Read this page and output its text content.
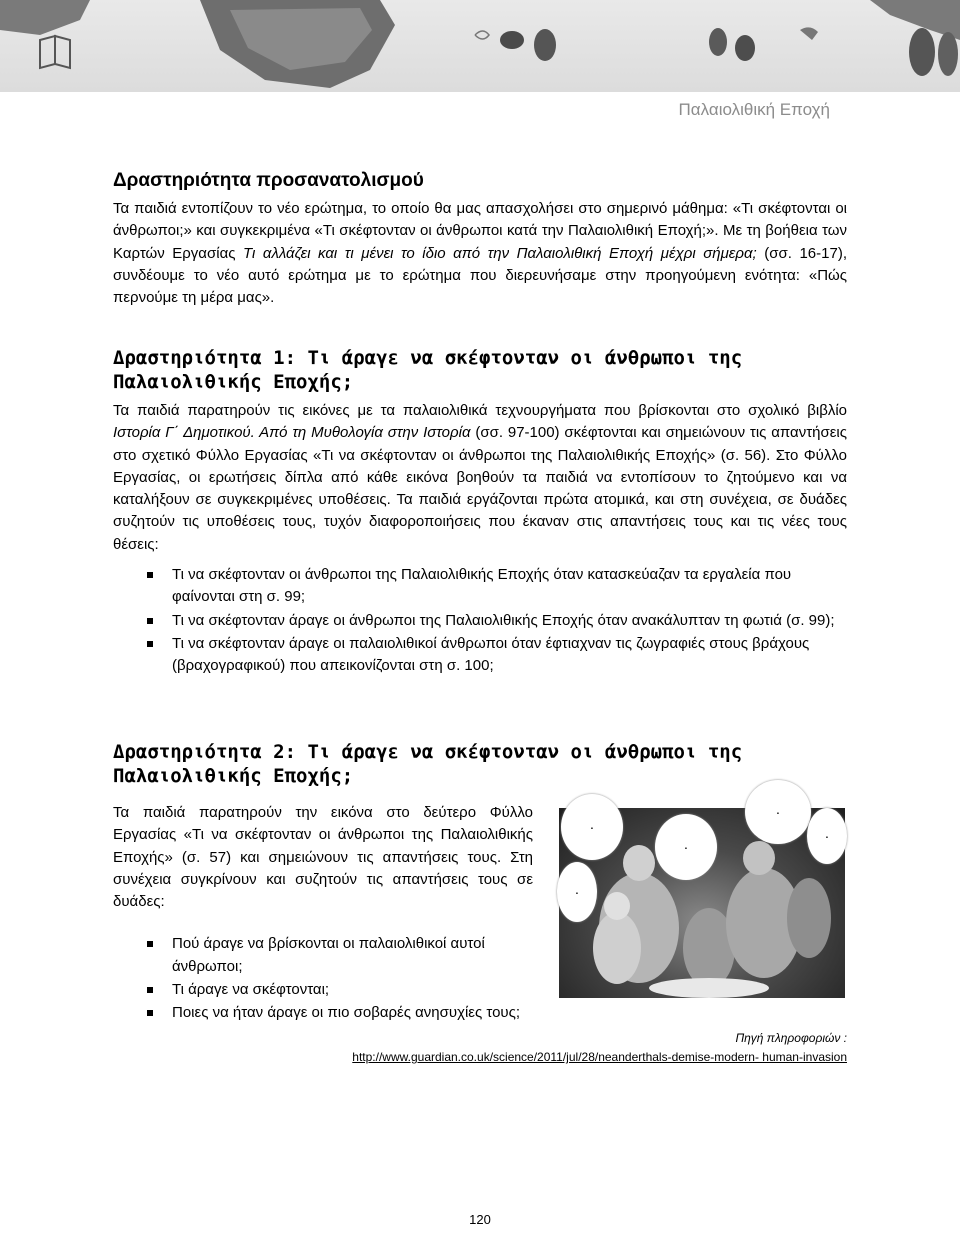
Παλαιολιθική Εποχή
Δραστηριότητα προσανατολισμού

Τα παιδιά εντοπίζουν το νέο ερώτημα, το οποίο θα μας απασχολήσει στο σημερινό μάθημα: «Τι σκέφτονται οι άνθρωποι;» και συγκεκριμένα «Τι σκέφτονταν οι άνθρωποι κατά την Παλαιολιθική Εποχή;». Με τη βοήθεια των Καρτών Εργασίας Τι αλλάζει και τι μένει το ίδιο από την Παλαιολιθική Εποχή μέχρι σήμερα; (σσ. 16-17), συνδέουμε το νέο αυτό ερώτημα με το ερώτημα που διερευνήσαμε στην προηγούμενη ενότητα: «Πώς περνούμε τη μέρα μας».

Δραστηριότητα 1: Τι άραγε να σκέφτονταν οι άνθρωποι της Παλαιολιθικής Εποχής;

Τα παιδιά παρατηρούν τις εικόνες με τα παλαιολιθικά τεχνουργήματα που βρίσκονται στο σχολικό βιβλίο Ιστορία Γ΄ Δημοτικού. Από τη Μυθολογία στην Ιστορία (σσ. 97-100) σκέφτονται και σημειώνουν τις απαντήσεις στο σχετικό Φύλλο Εργασίας «Τι να σκέφτονταν οι άνθρωποι της Παλαιολιθικής Εποχής» (σ. 56). Στο Φύλλο Εργασίας, οι ερωτήσεις δίπλα από κάθε εικόνα βοηθούν τα παιδιά να εντοπίσουν το ζητούμενο και να καταλήξουν σε συγκεκριμένες υποθέσεις. Τα παιδιά εργάζονται πρώτα ατομικά, και στη συνέχεια, σε δυάδες συζητούν τις υποθέσεις τους, τυχόν διαφοροποιήσεις που έκαναν στις απαντήσεις τους και τις νέες τους θέσεις:

Τι να σκέφτονταν οι άνθρωποι της Παλαιολιθικής Εποχής όταν κατασκεύαζαν τα εργαλεία που φαίνονται στη σ. 99;
Τι να σκέφτονταν άραγε οι άνθρωποι της Παλαιολιθικής Εποχής όταν ανακάλυπταν τη φωτιά (σ. 99);
Τι να σκέφτονταν άραγε οι παλαιολιθικοί άνθρωποι όταν έφτιαχναν τις ζωγραφιές στους βράχους (βραχογραφικού) που απεικονίζονται στη σ. 100;
Δραστηριότητα 2: Τι άραγε να σκέφτονταν οι άνθρωποι της Παλαιολιθικής Εποχής;

Τα παιδιά παρατηρούν την εικόνα στο δεύτερο Φύλλο Εργασίας «Τι να σκέφτονταν οι άνθρωποι της Παλαιολιθικής Εποχής» (σ. 57) και σημειώνουν τις απαντήσεις τους. Στη συνέχεια συγκρίνουν και συζητούν τις απαντήσεις τους σε δυάδες:

Πού άραγε να βρίσκονται οι παλαιολιθικοί αυτοί άνθρωποι;
Τι άραγε να σκέφτονται;
Ποιες να ήταν άραγε οι πιο σοβαρές ανησυχίες τους;
.
.
.
.
.
Πηγή πληροφοριών :
http://www.guardian.co.uk/science/2011/jul/28/neanderthals-demise-modern- human-invasion
120
